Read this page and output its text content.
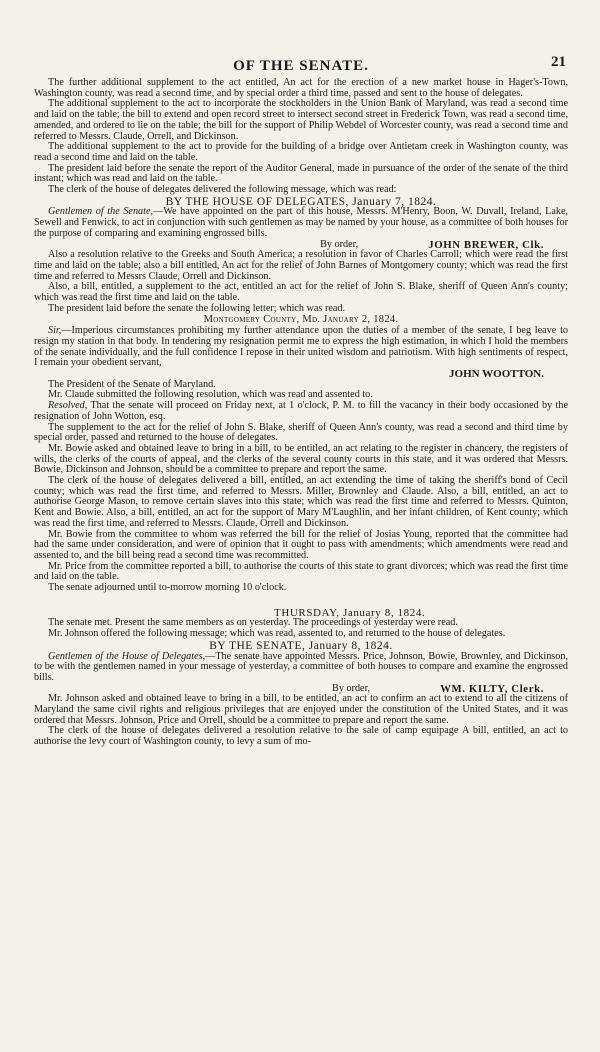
OF THE SENATE.	21

The further additional supplement to the act entitled, An act for the erection of a new market house in Hager's-Town, Washington county, was read a second time, and by special order a third time, passed and sent to the house of delegates.

The additional supplement to the act to incorporate the stockholders in the Union Bank of Maryland, was read a second time and laid on the table; the bill to extend and open record street to intersect second street in Frederick Town, was read a second time, amended, and ordered to lie on the table; the bill for the support of Philip Webdel of Worcester county, was read a second time and referred to Messrs. Claude, Orrell, and Dickinson.

The additional supplement to the act to provide for the building of a bridge over Antietam creek in Washington county, was read a second time and laid on the table.

The president laid before the senate the report of the Auditor General, made in pursuance of the order of the senate of the third instant; which was read and laid on the table.

The clerk of the house of delegates delivered the following message, which was read:

BY THE HOUSE OF DELEGATES, January 7, 1824.

Gentlemen of the Senate,—We have appointed on the part of this house, Messrs. M'Henry, Boon, W. Duvall, Ireland, Lake, Sewell and Fenwick, to act in conjunction with such gentlemen as may be named by your house, as a committee of both houses for the purpose of comparing and examining engrossed bills.

By order,	JOHN BREWER, Clk.

Also a resolution relative to the Greeks and South America; a resolution in favor of Charles Carroll; which were read the first time and laid on the table; also a bill entitled, An act for the relief of John Barnes of Montgomery county; which was read the first time and referred to Messrs Claude, Orrell and Dickinson.

Also, a bill, entitled, a supplement to the act, entitled an act for the relief of John S. Blake, sheriff of Queen Ann's county; which was read the first time and laid on the table.

The president laid before the senate the following letter; which was read.

Montgomery County, Md. January 2, 1824.

Sir,—Imperious circumstances prohibiting my further attendance upon the duties of a member of the senate, I beg leave to resign my station in that body. In tendering my resignation permit me to express the high estimation, in which I hold the members of the senate individually, and the full confidence I repose in their united wisdom and patriotism. With high sentiments of respect, I remain your obedient servant,

JOHN WOOTTON.

The President of the Senate of Maryland.

Mr. Claude submitted the following resolution, which was read and assented to.

Resolved, That the senate will proceed on Friday next, at 1 o'clock, P. M. to fill the vacancy in their body occasioned by the resignation of John Wotton, esq.

The supplement to the act for the relief of John S. Blake, sheriff of Queen Ann's county, was read a second and third time by special order, passed and returned to the house of delegates.

Mr. Bowie asked and obtained leave to bring in a bill, to be entitled, an act relating to the register in chancery, the registers of wills, the clerks of the courts of appeal, and the clerks of the several county courts in this state, and it was ordered that Messrs. Bowie, Dickinson and Johnson, should be a committee to prepare and report the same.

The clerk of the house of delegates delivered a bill, entitled, an act extending the time of taking the sheriff's bond of Cecil county; which was read the first time, and referred to Messrs. Miller, Brownley and Claude. Also, a bill, entitled, an act to authorise George Mason, to remove certain slaves into this state; which was read the first time and referred to Messrs. Quinton, Kent and Bowie. Also, a bill, entitled, an act for the support of Mary M'Laughlin, and her infant children, of Kent county; which was read the first time, and referred to Messrs. Claude, Orrell and Dickinson.

Mr. Bowie from the committee to whom was referred the bill for the relief of Josias Young, reported that the committee had had the same under consideration, and were of opinion that it ought to pass with amendments; which amendments were read and assented to, and the bill being read a second time was recommitted.

Mr. Price from the committee reported a bill, to authorise the courts of this state to grant divorces; which was read the first time and laid on the table.

The senate adjourned until to-morrow morning 10 o'clock.

THURSDAY, January 8, 1824.

The senate met. Present the same members as on yesterday. The proceedings of yesterday were read.

Mr. Johnson offered the following message; which was read, assented to, and returned to the house of delegates.

BY THE SENATE, January 8, 1824.

Gentlemen of the House of Delegates,—The senate have appointed Messrs. Price, Johnson, Bowie, Brownley, and Dickinson, to be with the gentlemen named in your message of yesterday, a committee of both houses to compare and examine the engrossed bills.

By order,	WM. KILTY, Clerk.

Mr. Johnson asked and obtained leave to bring in a bill, to be entitled, an act to confirm an act to extend to all the citizens of Maryland the same civil rights and religious privileges that are enjoyed under the constitution of the United States, and it was ordered that Messrs. Johnson, Price and Orrell, should be a committee to prepare and report the same.

The clerk of the house of delegates delivered a resolution relative to the sale of camp equipage A bill, entitled, an act to authorise the levy court of Washington county, to levy a sum of mo-
